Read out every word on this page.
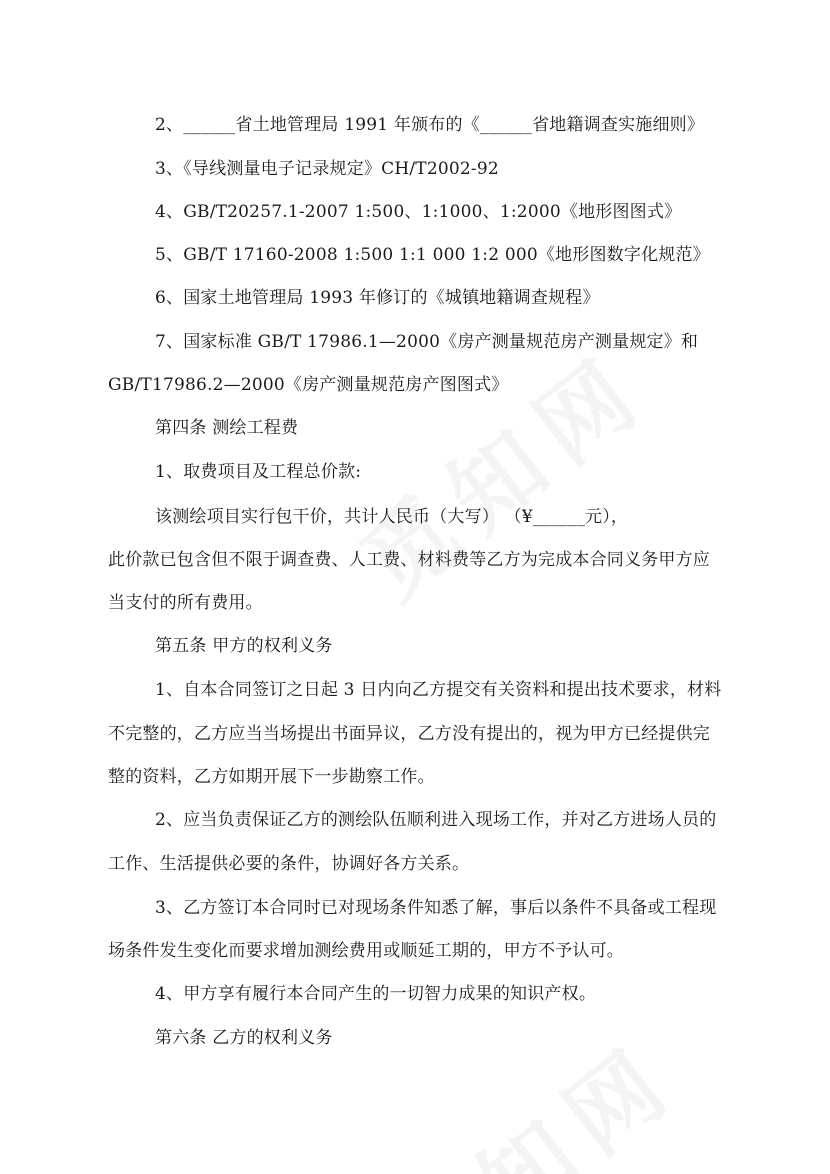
2、______省土地管理局 1991 年颁布的《______省地籍调查实施细则》
3、《导线测量电子记录规定》CH/T2002-92
4、GB/T20257.1-2007 1:500、1:1000、1:2000《地形图图式》
5、GB/T 17160-2008 1:500 1:1 000 1:2 000《地形图数字化规范》
6、国家土地管理局 1993 年修订的《城镇地籍调查规程》
7、国家标准 GB/T 17986.1—2000《房产测量规范房产测量规定》和
GB/T17986.2—2000《房产测量规范房产图图式》
第四条 测绘工程费
1、取费项目及工程总价款:
该测绘项目实行包干价，共计人民币（大写） （¥______元），
此价款已包含但不限于调查费、人工费、材料费等乙方为完成本合同义务甲方应
当支付的所有费用。
第五条 甲方的权利义务
1、自本合同签订之日起 3 日内向乙方提交有关资料和提出技术要求，材料
不完整的，乙方应当当场提出书面异议，乙方没有提出的，视为甲方已经提供完
整的资料，乙方如期开展下一步勘察工作。
2、应当负责保证乙方的测绘队伍顺利进入现场工作，并对乙方进场人员的
工作、生活提供必要的条件，协调好各方关系。
3、乙方签订本合同时已对现场条件知悉了解，事后以条件不具备或工程现
场条件发生变化而要求增加测绘费用或顺延工期的，甲方不予认可。
4、甲方享有履行本合同产生的一切智力成果的知识产权。
第六条 乙方的权利义务
